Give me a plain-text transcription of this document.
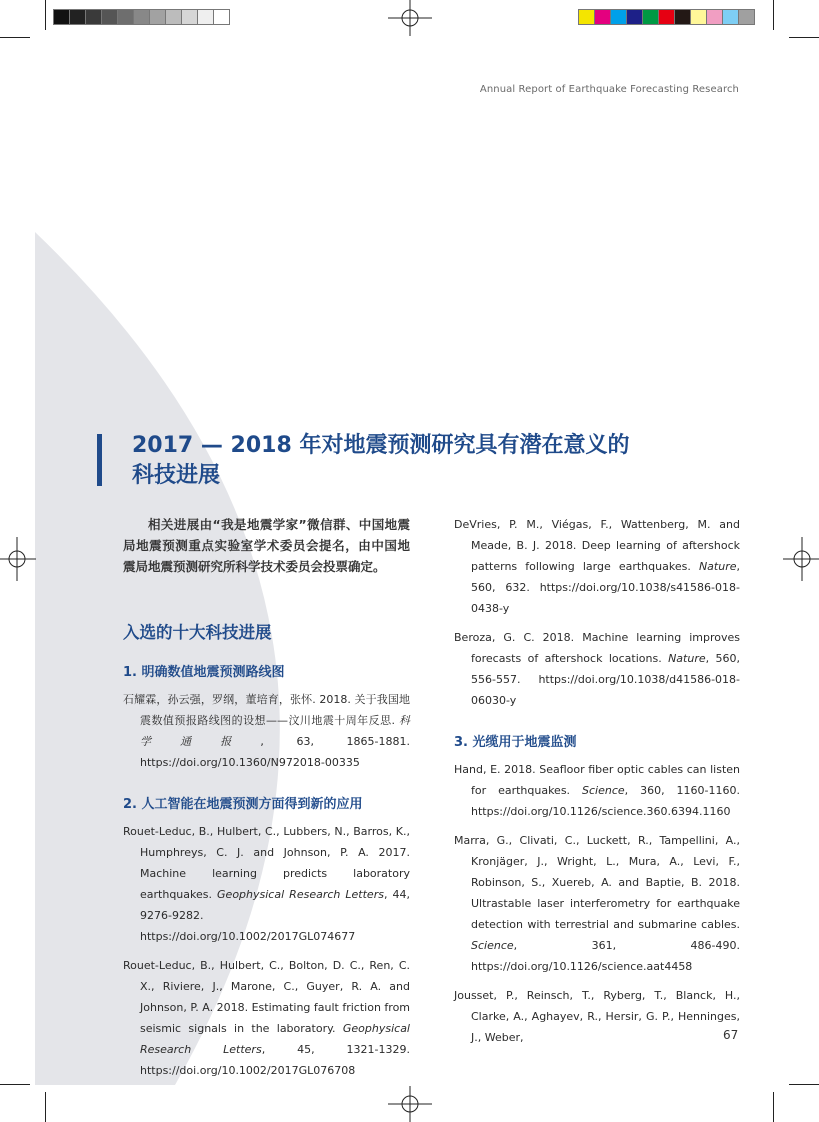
Annual Report of Earthquake Forecasting Research
2017 — 2018 年对地震预测研究具有潜在意义的
科技进展

相关进展由“我是地震学家”微信群、中国地震局地震预测重点实验室学术委员会提名，由中国地震局地震预测研究所科学技术委员会投票确定。

入选的十大科技进展
1. 明确数值地震预测路线图

石耀霖，孙云强，罗纲，董培育，张怀. 2018. 关于我国地震数值预报路线图的设想——汶川地震十周年反思. 科学通报, 63, 1865-1881. https://doi.org/10.1360/N972018-00335

2. 人工智能在地震预测方面得到新的应用

Rouet-Leduc, B., Hulbert, C., Lubbers, N., Barros, K., Humphreys, C. J. and Johnson, P. A. 2017. Machine learning predicts laboratory earthquakes. Geophysical Research Letters, 44, 9276-9282. https://doi.org/10.1002/2017GL074677

Rouet-Leduc, B., Hulbert, C., Bolton, D. C., Ren, C. X., Riviere, J., Marone, C., Guyer, R. A. and Johnson, P. A. 2018. Estimating fault friction from seismic signals in the laboratory. Geophysical Research Letters, 45, 1321-1329. https://doi.org/10.1002/2017GL076708

DeVries, P. M., Viégas, F., Wattenberg, M. and Meade, B. J. 2018. Deep learning of aftershock patterns following large earthquakes. Nature, 560, 632. https://doi.org/10.1038/s41586-018-0438-y

Beroza, G. C. 2018. Machine learning improves forecasts of aftershock locations. Nature, 560, 556-557. https://doi.org/10.1038/d41586-018-06030-y

3. 光缆用于地震监测

Hand, E. 2018. Seafloor fiber optic cables can listen for earthquakes. Science, 360, 1160-1160. https://doi.org/10.1126/science.360.6394.1160

Marra, G., Clivati, C., Luckett, R., Tampellini, A., Kronjäger, J., Wright, L., Mura, A., Levi, F., Robinson, S., Xuereb, A. and Baptie, B. 2018. Ultrastable laser interferometry for earthquake detection with terrestrial and submarine cables. Science, 361, 486-490. https://doi.org/10.1126/science.aat4458

Jousset, P., Reinsch, T., Ryberg, T., Blanck, H., Clarke, A., Aghayev, R., Hersir, G. P., Henninges, J., Weber,	67
